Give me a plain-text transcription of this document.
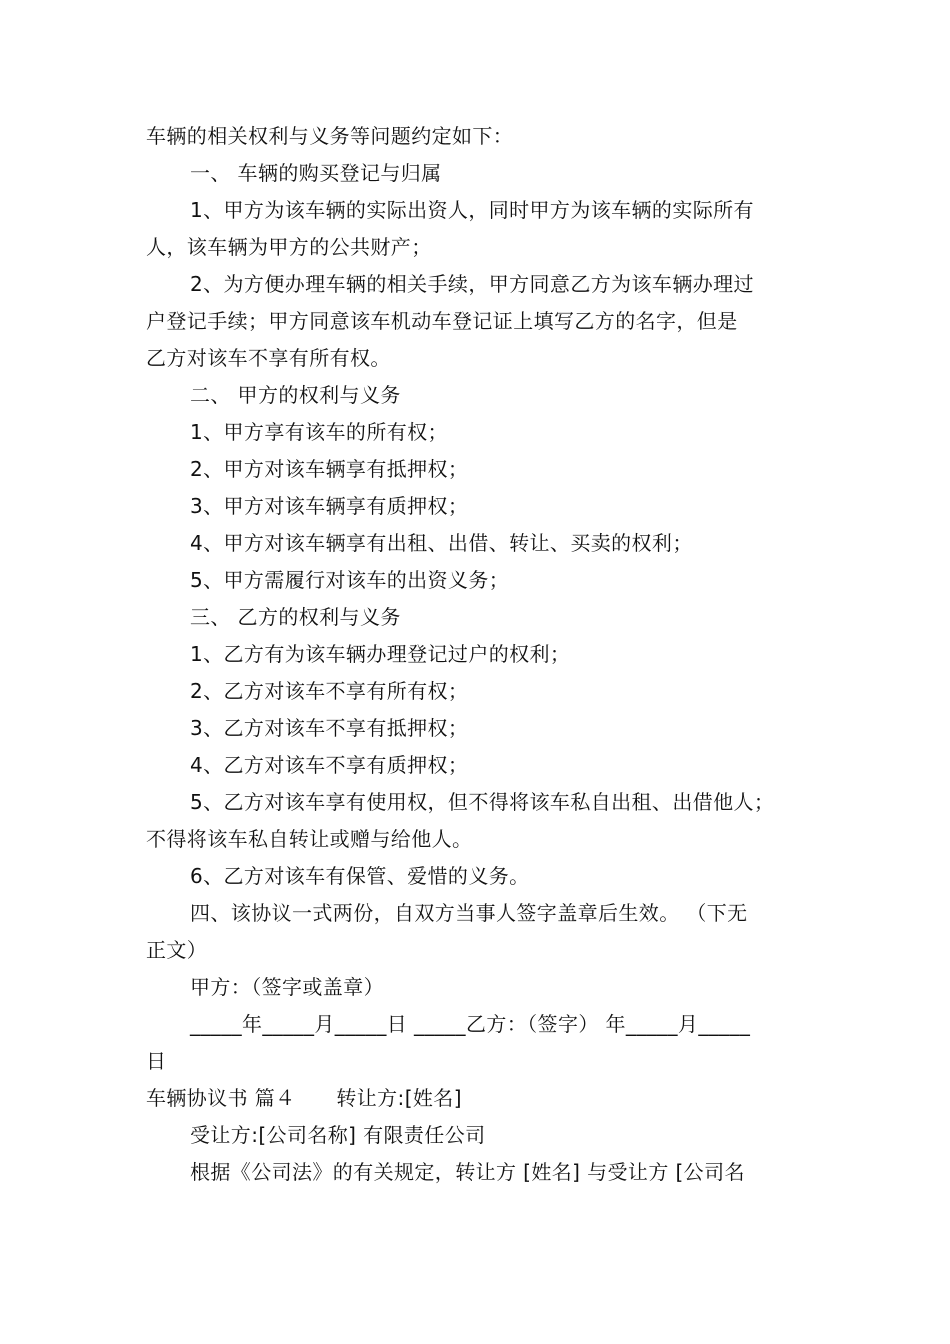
车辆的相关权利与义务等问题约定如下：
一、 车辆的购买登记与归属
1、甲方为该车辆的实际出资人，同时甲方为该车辆的实际所有
人，该车辆为甲方的公共财产；
2、为方便办理车辆的相关手续，甲方同意乙方为该车辆办理过
户登记手续；甲方同意该车机动车登记证上填写乙方的名字，但是
乙方对该车不享有所有权。
二、 甲方的权利与义务
1、甲方享有该车的所有权；
2、甲方对该车辆享有抵押权；
3、甲方对该车辆享有质押权；
4、甲方对该车辆享有出租、出借、转让、买卖的权利；
5、甲方需履行对该车的出资义务；
三、 乙方的权利与义务
1、乙方有为该车辆办理登记过户的权利；
2、乙方对该车不享有所有权；
3、乙方对该车不享有抵押权；
4、乙方对该车不享有质押权；
5、乙方对该车享有使用权，但不得将该车私自出租、出借他人；
不得将该车私自转让或赠与给他人。
6、乙方对该车有保管、爱惜的义务。
四、该协议一式两份，自双方当事人签字盖章后生效。 （下无
正文）
甲方：（签字或盖章）
_____年_____月_____日 _____乙方：（签字） 年_____月_____
日
车辆协议书 篇４　　转让方:[姓名]
受让方:[公司名称] 有限责任公司
根据《公司法》的有关规定，转让方 [姓名] 与受让方 [公司名
